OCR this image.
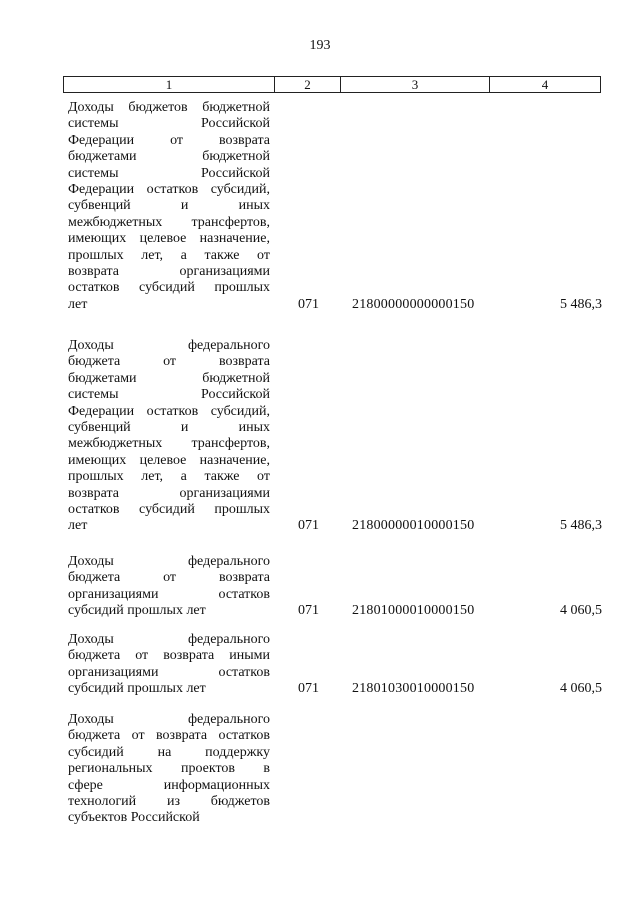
193
1	2	3	4
Доходы бюджетов бюджетной
системы Российской
Федерации от возврата
бюджетами бюджетной
системы Российской
Федерации остатков субсидий,
субвенций и иных
межбюджетных трансфертов,
имеющих целевое назначение,
прошлых лет, а также от
возврата организациями
остатков субсидий прошлых
лет	071 21800000000000150	5 486,3
Доходы федерального
бюджета от возврата
бюджетами бюджетной
системы Российской
Федерации остатков субсидий,
субвенций и иных
межбюджетных трансфертов,
имеющих целевое назначение,
прошлых лет, а также от
возврата организациями
остатков субсидий прошлых
лет	071 21800000010000150	5 486,3
Доходы федерального
бюджета от возврата
организациями остатков
субсидий прошлых лет	071 21801000010000150	4 060,5
Доходы федерального
бюджета от возврата иными
организациями остатков
субсидий прошлых лет	071 21801030010000150	4 060,5
Доходы федерального
бюджета от возврата остатков
субсидий на поддержку
региональных проектов в
сфере информационных
технологий из бюджетов
субъектов Российской
